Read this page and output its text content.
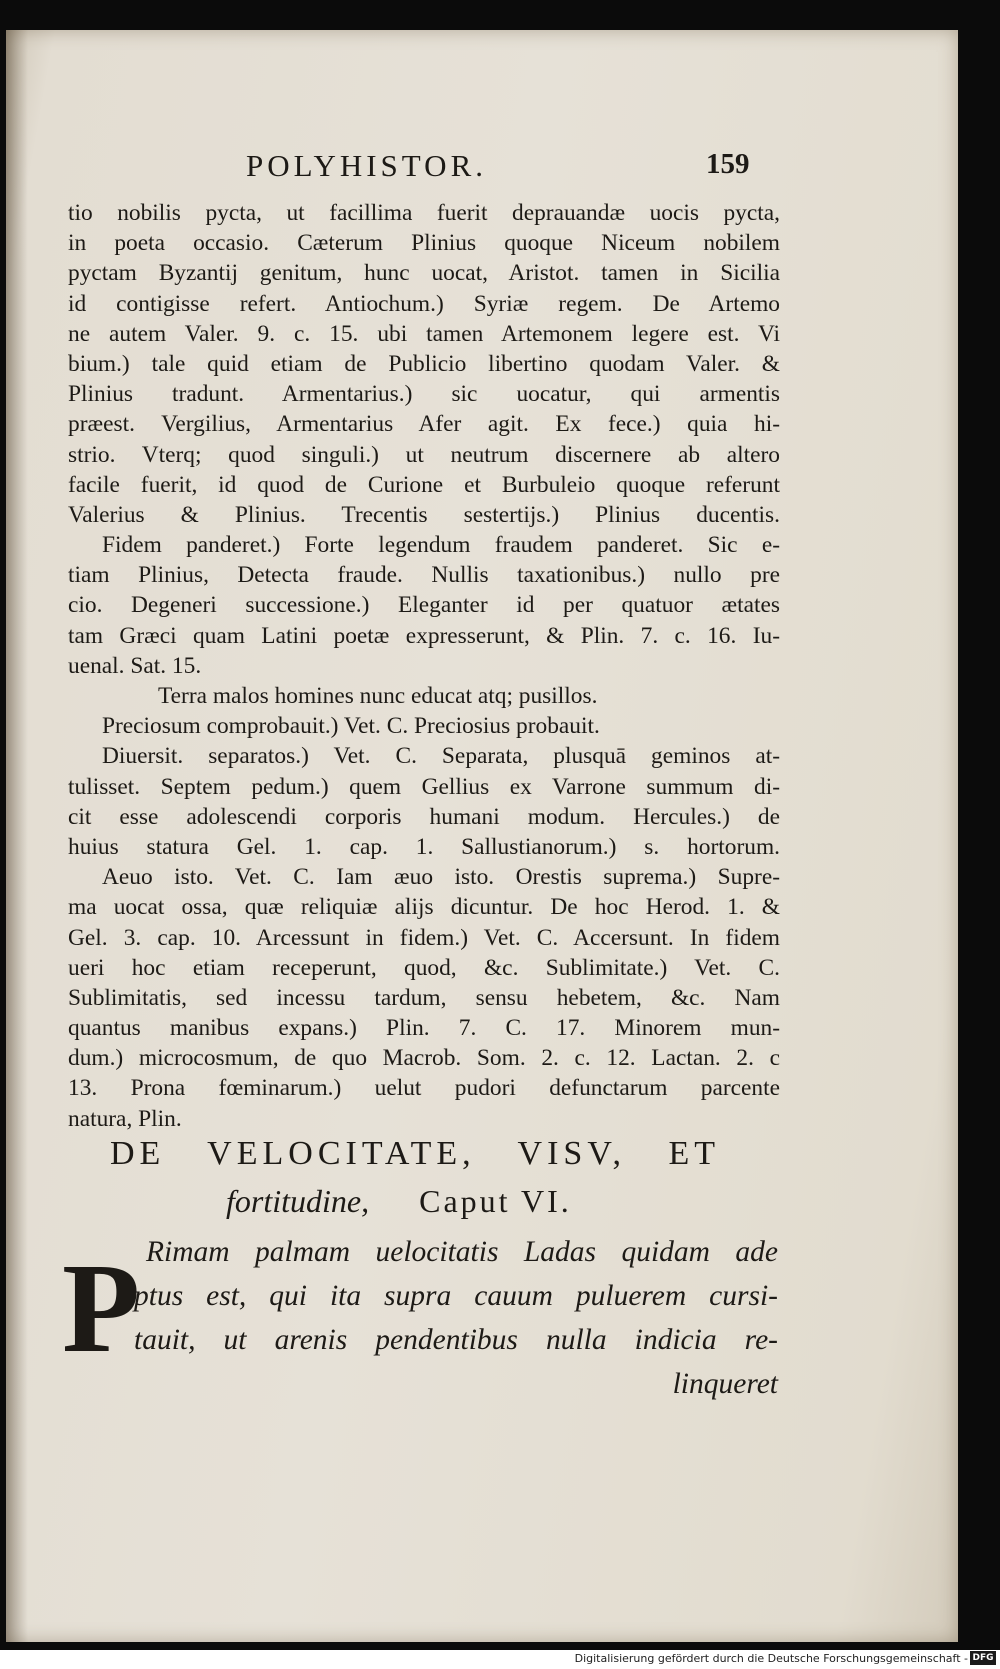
POLYHISTOR.	159
tio nobilis pycta, ut facillima fuerit deprauandæ uocis pycta,
in poeta occasio. Cæterum Plinius quoque Niceum nobilem
pyctam Byzantij genitum, hunc uocat, Aristot. tamen in Sicilia
id contigisse refert. Antiochum.) Syriæ regem. De Artemo
ne autem Valer. 9. c. 15. ubi tamen Artemonem legere est. Vi
bium.) tale quid etiam de Publicio libertino quodam Valer. &
Plinius tradunt. Armentarius.) sic uocatur, qui armentis
præest. Vergilius, Armentarius Afer agit. Ex fece.) quia hi-
strio. Vterq; quod singuli.) ut neutrum discernere ab altero
facile fuerit, id quod de Curione et Burbuleio quoque referunt
Valerius & Plinius. Trecentis sestertijs.) Plinius ducentis.
Fidem panderet.) Forte legendum fraudem panderet. Sic e-
tiam Plinius, Detecta fraude. Nullis taxationibus.) nullo pre
cio. Degeneri successione.) Eleganter id per quatuor ætates
tam Græci quam Latini poetæ expresserunt, & Plin. 7. c. 16. Iu-
uenal. Sat. 15.
Terra malos homines nunc educat atq; pusillos.
Preciosum comprobauit.) Vet. C. Preciosius probauit.
Diuersit. separatos.) Vet. C. Separata, plusquā geminos at-
tulisset. Septem pedum.) quem Gellius ex Varrone summum di-
cit esse adolescendi corporis humani modum. Hercules.) de
huius statura Gel. 1. cap. 1. Sallustianorum.) s. hortorum.
Aeuo isto. Vet. C. Iam æuo isto. Orestis suprema.) Supre-
ma uocat ossa, quæ reliquiæ alijs dicuntur. De hoc Herod. 1. &
Gel. 3. cap. 10. Arcessunt in fidem.) Vet. C. Accersunt. In fidem
ueri hoc etiam receperunt, quod, &c. Sublimitate.) Vet. C.
Sublimitatis, sed incessu tardum, sensu hebetem, &c. Nam
quantus manibus expans.) Plin. 7. C. 17. Minorem mun-
dum.) microcosmum, de quo Macrob. Som. 2. c. 12. Lactan. 2. c
13. Prona fœminarum.) uelut pudori defunctarum parcente
natura, Plin.
DE VELOCITATE, VISV, ET
fortitudine, Caput VI.
P Rimam palmam uelocitatis Ladas quidam ade
ptus est, qui ita supra cauum puluerem cursi-
tauit, ut arenis pendentibus nulla indicia re-
linqueret
Digitalisierung gefördert durch die Deutsche Forschungsgemeinschaft - DFG
